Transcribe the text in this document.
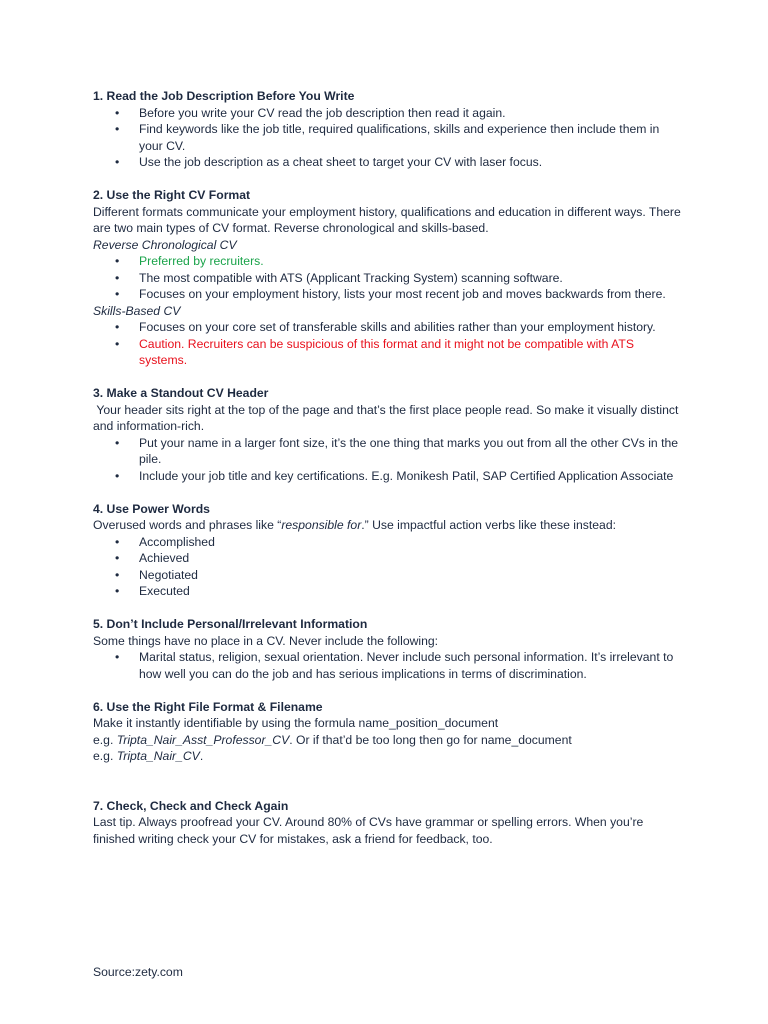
1. Read the Job Description Before You Write
• Before you write your CV read the job description then read it again.
• Find keywords like the job title, required qualifications, skills and experience then include them in your CV.
• Use the job description as a cheat sheet to target your CV with laser focus.
2. Use the Right CV Format
Different formats communicate your employment history, qualifications and education in different ways. There are two main types of CV format. Reverse chronological and skills-based.
Reverse Chronological CV
• Preferred by recruiters.
• The most compatible with ATS (Applicant Tracking System) scanning software.
• Focuses on your employment history, lists your most recent job and moves backwards from there.
Skills-Based CV
• Focuses on your core set of transferable skills and abilities rather than your employment history.
• Caution. Recruiters can be suspicious of this format and it might not be compatible with ATS systems.
3. Make a Standout CV Header
Your header sits right at the top of the page and that’s the first place people read. So make it visually distinct and information-rich.
• Put your name in a larger font size, it’s the one thing that marks you out from all the other CVs in the pile.
• Include your job title and key certifications. E.g. Monikesh Patil, SAP Certified Application Associate
4. Use Power Words
Overused words and phrases like “responsible for.” Use impactful action verbs like these instead:
• Accomplished
• Achieved
• Negotiated
• Executed
5. Don’t Include Personal/Irrelevant Information
Some things have no place in a CV. Never include the following:
• Marital status, religion, sexual orientation. Never include such personal information. It’s irrelevant to how well you can do the job and has serious implications in terms of discrimination.
6. Use the Right File Format & Filename
Make it instantly identifiable by using the formula name_position_document
e.g. Tripta_Nair_Asst_Professor_CV. Or if that’d be too long then go for name_document
e.g. Tripta_Nair_CV.
7. Check, Check and Check Again
Last tip. Always proofread your CV. Around 80% of CVs have grammar or spelling errors. When you’re finished writing check your CV for mistakes, ask a friend for feedback, too.
Source:zety.com
